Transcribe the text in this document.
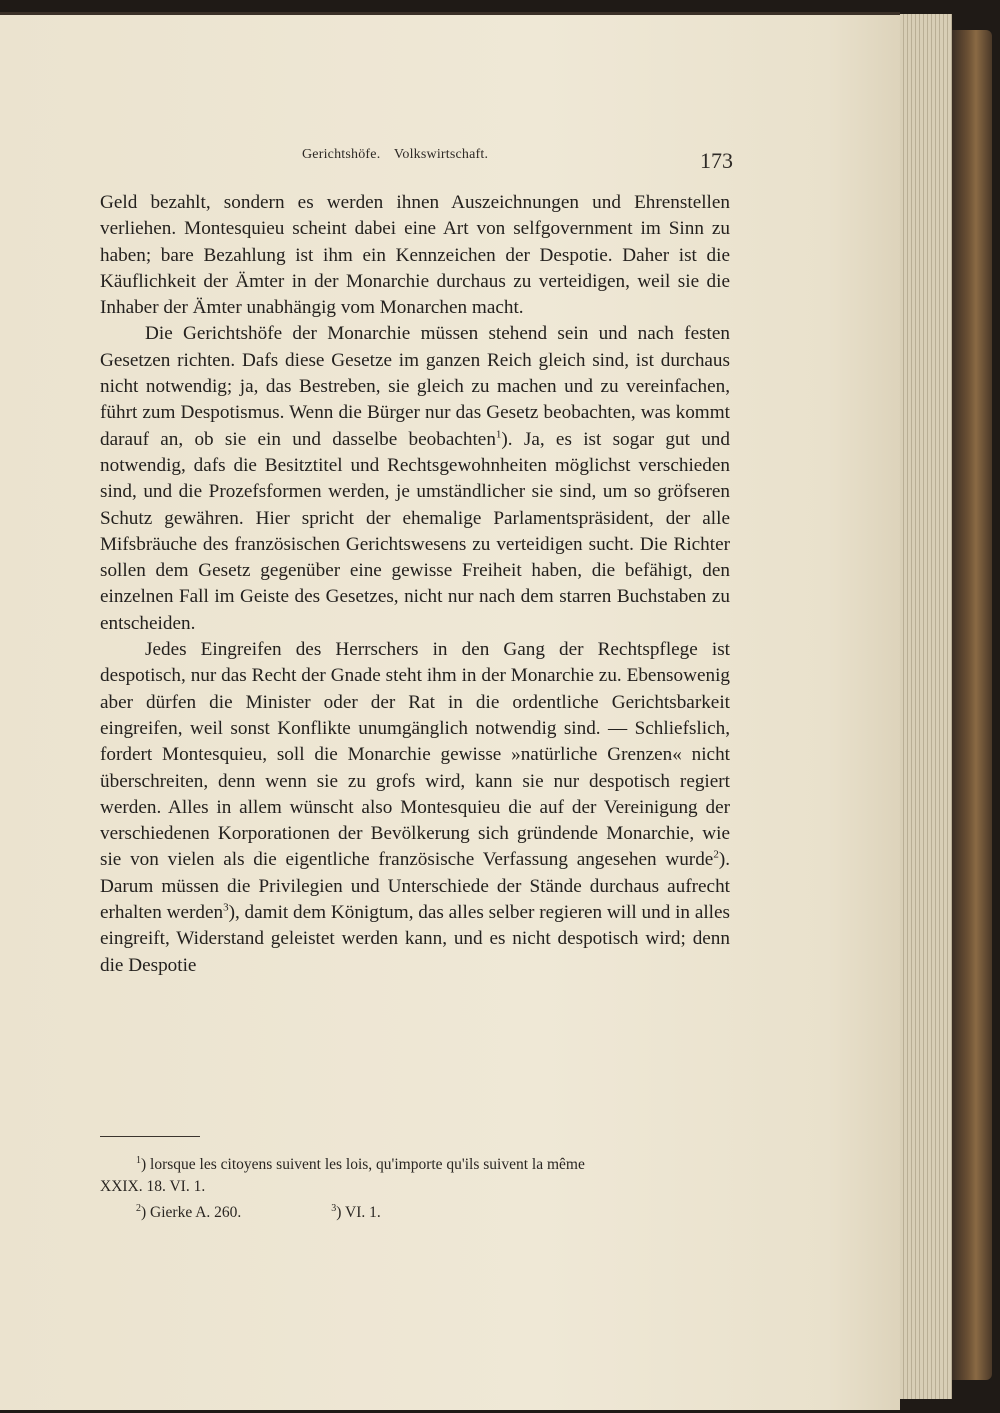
Gerichtshöfe. Volkswirtschaft.	173

Geld bezahlt, sondern es werden ihnen Auszeichnungen und Ehrenstellen verliehen. Montesquieu scheint dabei eine Art von selfgovernment im Sinn zu haben; bare Bezahlung ist ihm ein Kennzeichen der Despotie. Daher ist die Käuflichkeit der Ämter in der Monarchie durchaus zu verteidigen, weil sie die Inhaber der Ämter unabhängig vom Monarchen macht.

Die Gerichtshöfe der Monarchie müssen stehend sein und nach festen Gesetzen richten. Dafs diese Gesetze im ganzen Reich gleich sind, ist durchaus nicht notwendig; ja, das Bestreben, sie gleich zu machen und zu vereinfachen, führt zum Despotismus. Wenn die Bürger nur das Gesetz beobachten, was kommt darauf an, ob sie ein und dasselbe beobachten$^1$). Ja, es ist sogar gut und notwendig, dafs die Besitztitel und Rechtsgewohnheiten möglichst verschieden sind, und die Prozefsformen werden, je umständlicher sie sind, um so gröfseren Schutz gewähren. Hier spricht der ehemalige Parlamentspräsident, der alle Mifsbräuche des französischen Gerichtswesens zu verteidigen sucht. Die Richter sollen dem Gesetz gegenüber eine gewisse Freiheit haben, die befähigt, den einzelnen Fall im Geiste des Gesetzes, nicht nur nach dem starren Buchstaben zu entscheiden.

Jedes Eingreifen des Herrschers in den Gang der Rechtspflege ist despotisch, nur das Recht der Gnade steht ihm in der Monarchie zu. Ebensowenig aber dürfen die Minister oder der Rat in die ordentliche Gerichtsbarkeit eingreifen, weil sonst Konflikte unumgänglich notwendig sind. — Schliefslich, fordert Montesquieu, soll die Monarchie gewisse »natürliche Grenzen« nicht überschreiten, denn wenn sie zu grofs wird, kann sie nur despotisch regiert werden. Alles in allem wünscht also Montesquieu die auf der Vereinigung der verschiedenen Korporationen der Bevölkerung sich gründende Monarchie, wie sie von vielen als die eigentliche französische Verfassung angesehen wurde$^2$). Darum müssen die Privilegien und Unterschiede der Stände durchaus aufrecht erhalten werden$^3$), damit dem Königtum, das alles selber regieren will und in alles eingreift, Widerstand geleistet werden kann, und es nicht despotisch wird; denn die Despotie

$^1$) lorsque les citoyens suivent les lois, qu'importe qu'ils suivent la même
XXIX. 18. VI. 1.
$^2$) Gierke A. 260.	$^3$) VI. 1.
